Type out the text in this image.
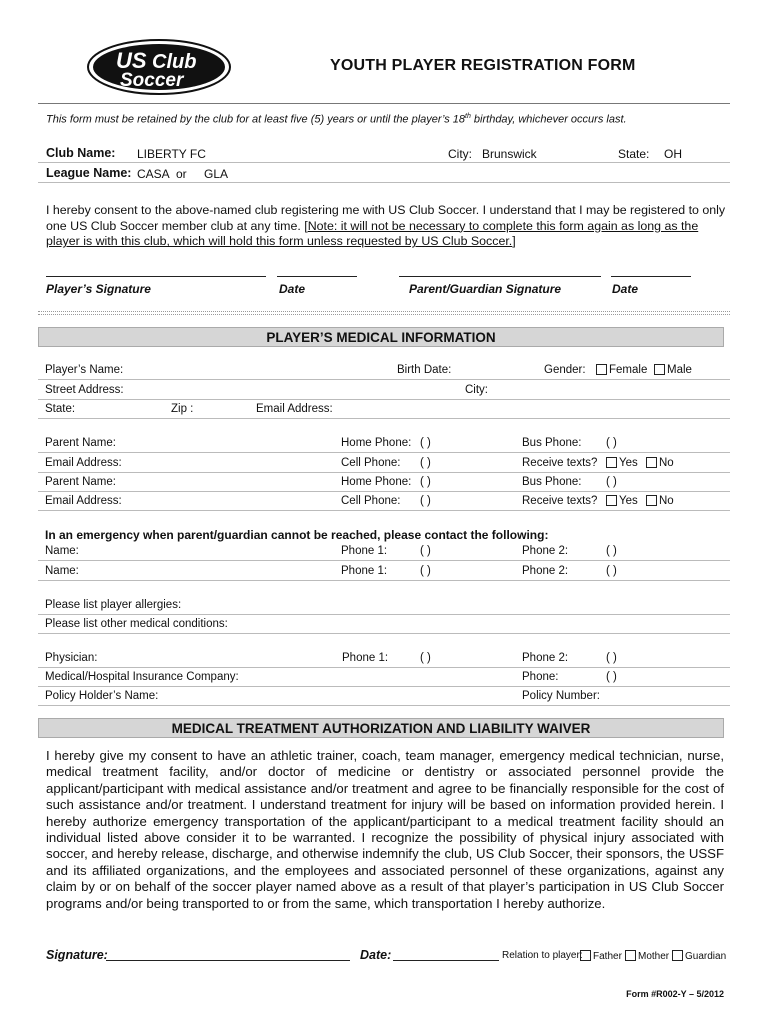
US Club
Soccer
YOUTH PLAYER REGISTRATION FORM
This form must be retained by the club for at least five (5) years or until the player’s 18th birthday, whichever occurs last.
Club Name: LIBERTY FC	City: Brunswick	State: OH
League Name: CASA or GLA
I hereby consent to the above-named club registering me with US Club Soccer. I understand that I may be registered to only one US Club Soccer member club at any time. [Note: it will not be necessary to complete this form again as long as the player is with this club, which will hold this form unless requested by US Club Soccer.]
Player’s Signature	Date	Parent/Guardian Signature	Date
PLAYER’S MEDICAL INFORMATION
Player’s Name:	Birth Date:	Gender:	Female	Male
Street Address:	City:
State:	Zip :	Email Address:
Parent Name:	Home Phone: ( )	Bus Phone: ( )
Email Address:	Cell Phone: ( )	Receive texts?	Yes	No
Parent Name:	Home Phone: ( )	Bus Phone: ( )
Email Address:	Cell Phone: ( )	Receive texts?	Yes	No
In an emergency when parent/guardian cannot be reached, please contact the following:
Name:	Phone 1:	( )	Phone 2:	( )
Name:	Phone 1:	( )	Phone 2:	( )
Please list player allergies:
Please list other medical conditions:
Physician:	Phone 1:	( )	Phone 2:	( )
Medical/Hospital Insurance Company:	Phone:	( )
Policy Holder’s Name:	Policy Number:
MEDICAL TREATMENT AUTHORIZATION AND LIABILITY WAIVER
I hereby give my consent to have an athletic trainer, coach, team manager, emergency medical technician, nurse, medical treatment facility, and/or doctor of medicine or dentistry or associated personnel provide the applicant/participant with medical assistance and/or treatment and agree to be financially responsible for the cost of such assistance and/or treatment. I understand treatment for injury will be based on information provided herein. I hereby authorize emergency transportation of the applicant/participant to a medical treatment facility should an individual listed above consider it to be warranted. I recognize the possibility of physical injury associated with soccer, and hereby release, discharge, and otherwise indemnify the club, US Club Soccer, their sponsors, the USSF and its affiliated organizations, and the employees and associated personnel of these organizations, against any claim by or on behalf of the soccer player named above as a result of that player’s participation in US Club Soccer programs and/or being transported to or from the same, which transportation I hereby authorize.
Signature:	Date:	Relation to player:	Father	Mother	Guardian
Form #R002-Y – 5/2012
